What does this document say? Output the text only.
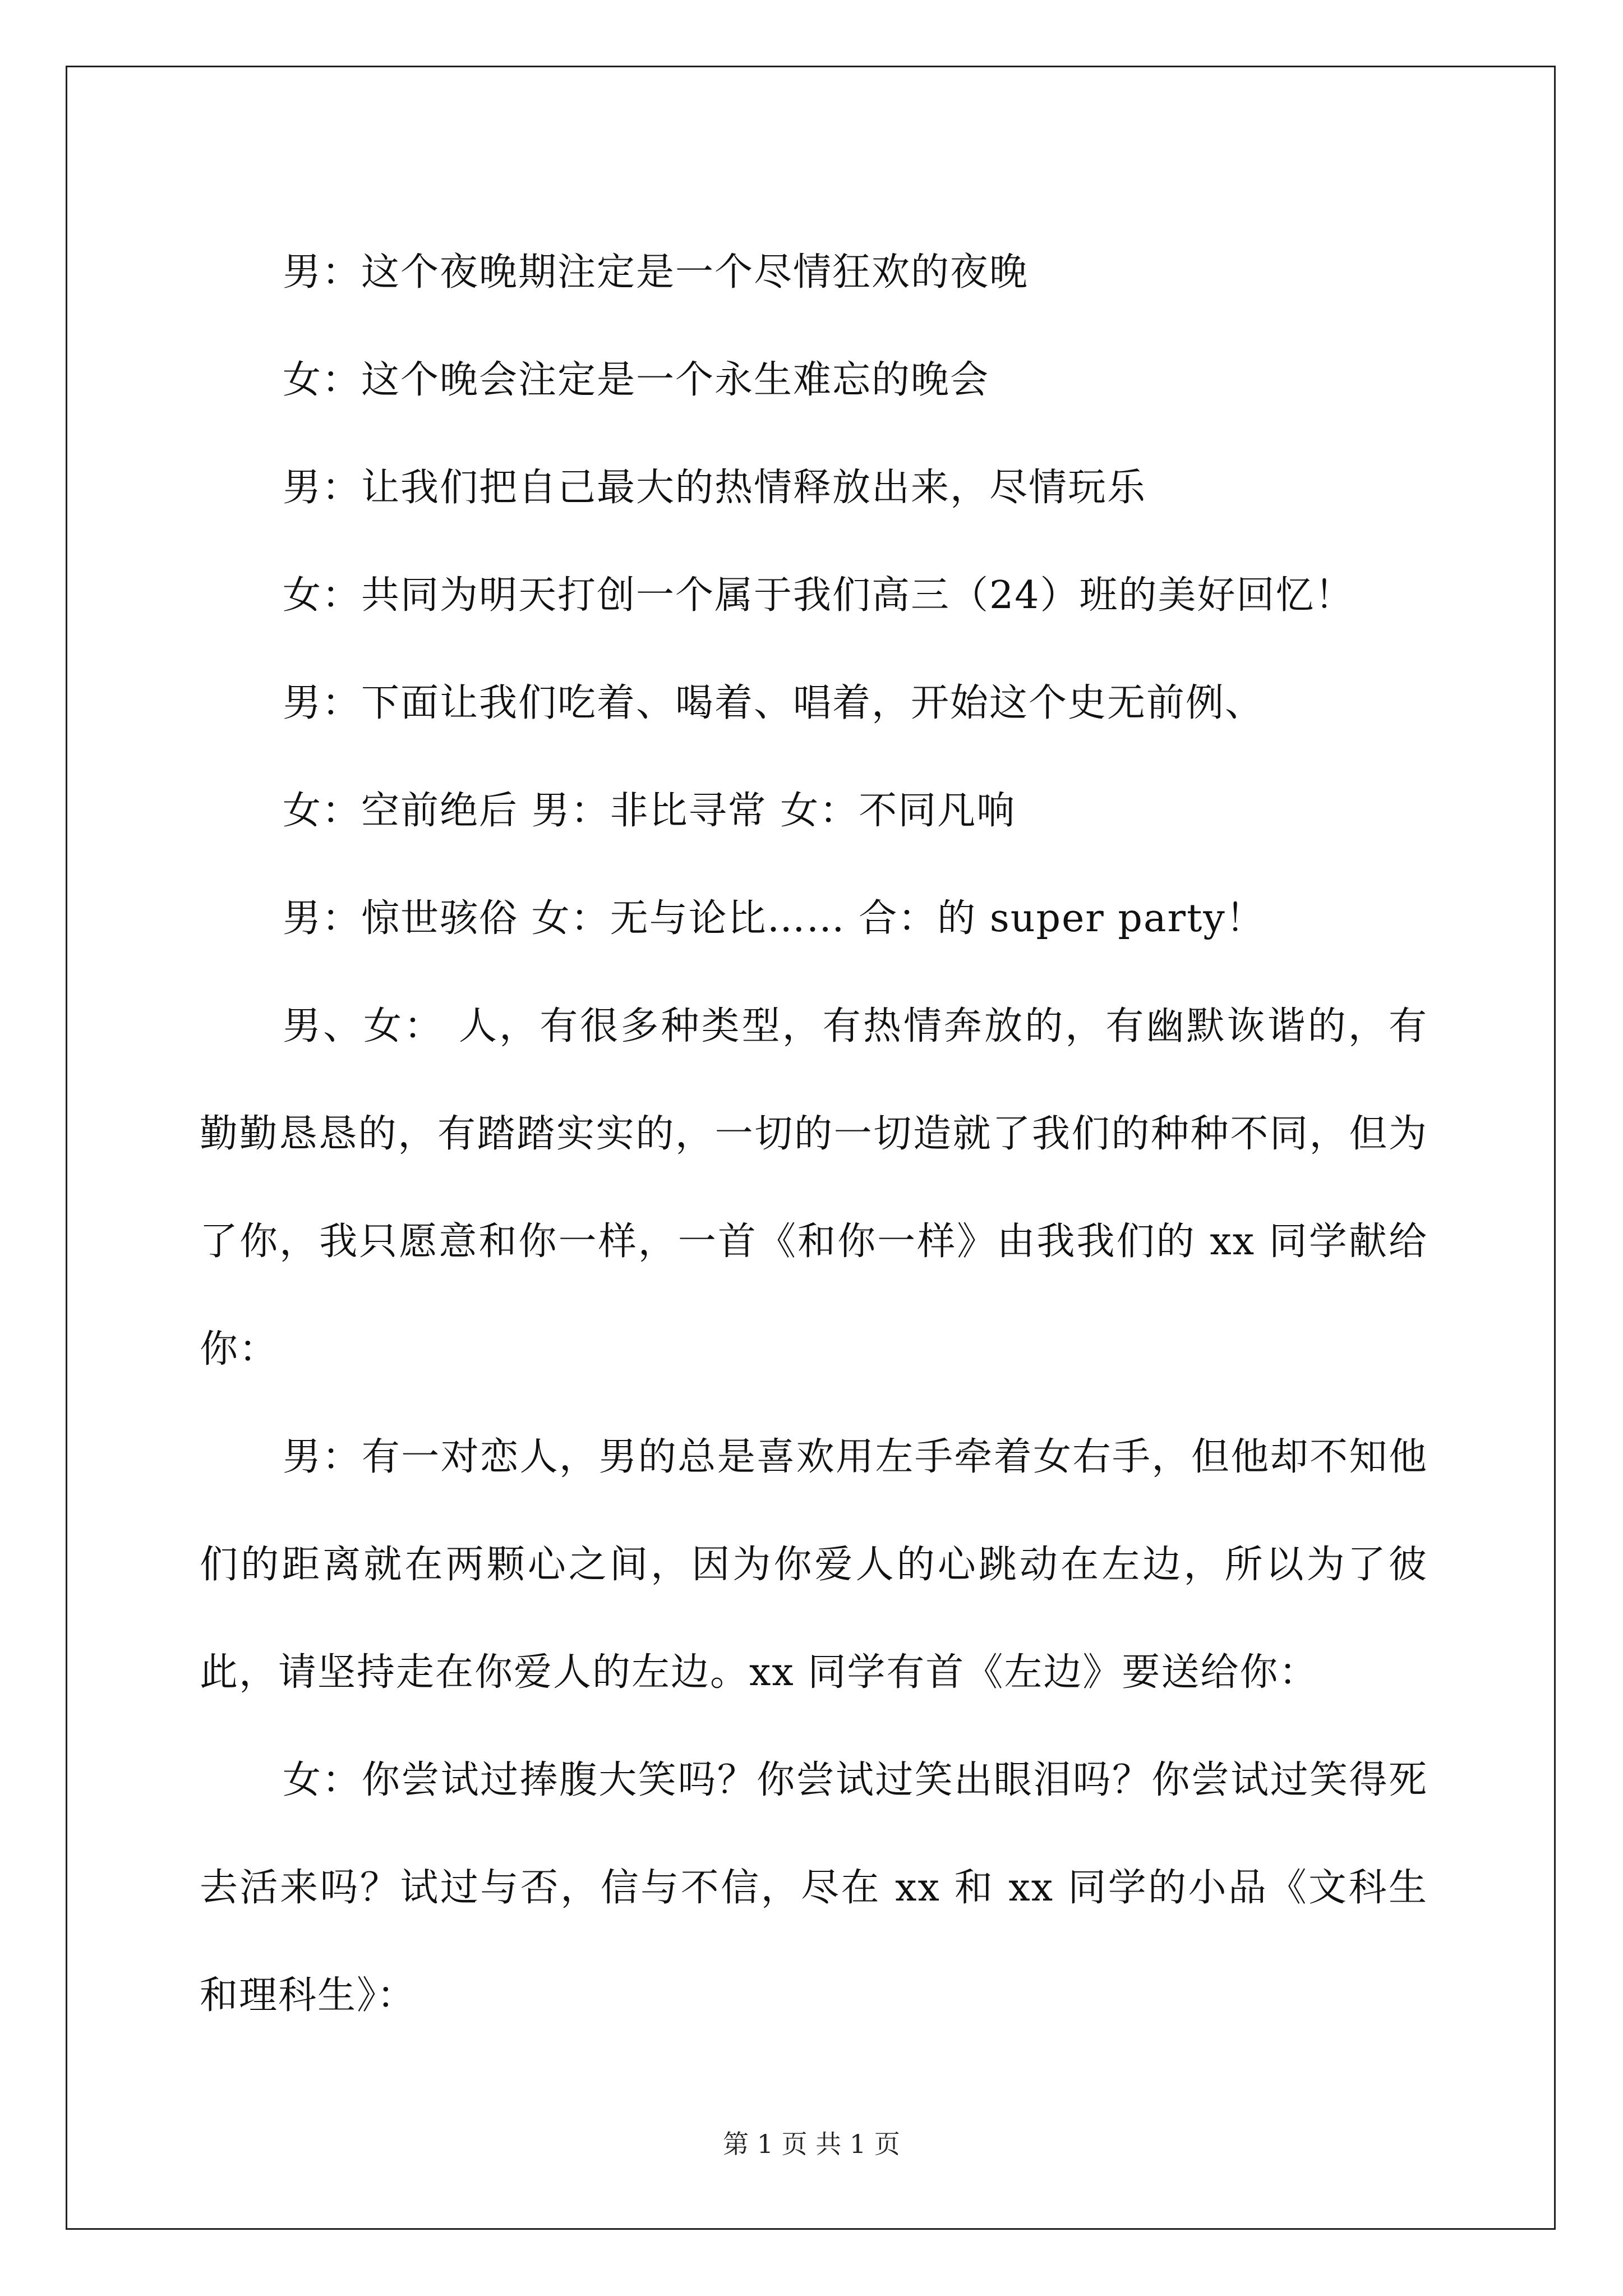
男：这个夜晚期注定是一个尽情狂欢的夜晚

女：这个晚会注定是一个永生难忘的晚会

男：让我们把自己最大的热情释放出来，尽情玩乐

女：共同为明天打创一个属于我们高三（24）班的美好回忆！

男：下面让我们吃着、喝着、唱着，开始这个史无前例、

女：空前绝后 男：非比寻常 女：不同凡响

男：惊世骇俗 女：无与论比…… 合：的 super party！

男、女： 人，有很多种类型，有热情奔放的，有幽默诙谐的，有勤勤恳恳的，有踏踏实实的，一切的一切造就了我们的种种不同，但为了你，我只愿意和你一样，一首《和你一样》由我我们的 xx 同学献给你：

男：有一对恋人，男的总是喜欢用左手牵着女右手，但他却不知他们的距离就在两颗心之间，因为你爱人的心跳动在左边，所以为了彼此，请坚持走在你爱人的左边。xx 同学有首《左边》要送给你：

女：你尝试过捧腹大笑吗？你尝试过笑出眼泪吗？你尝试过笑得死去活来吗？试过与否，信与不信，尽在 xx 和 xx 同学的小品《文科生和理科生》：

第 1 页 共 1 页
